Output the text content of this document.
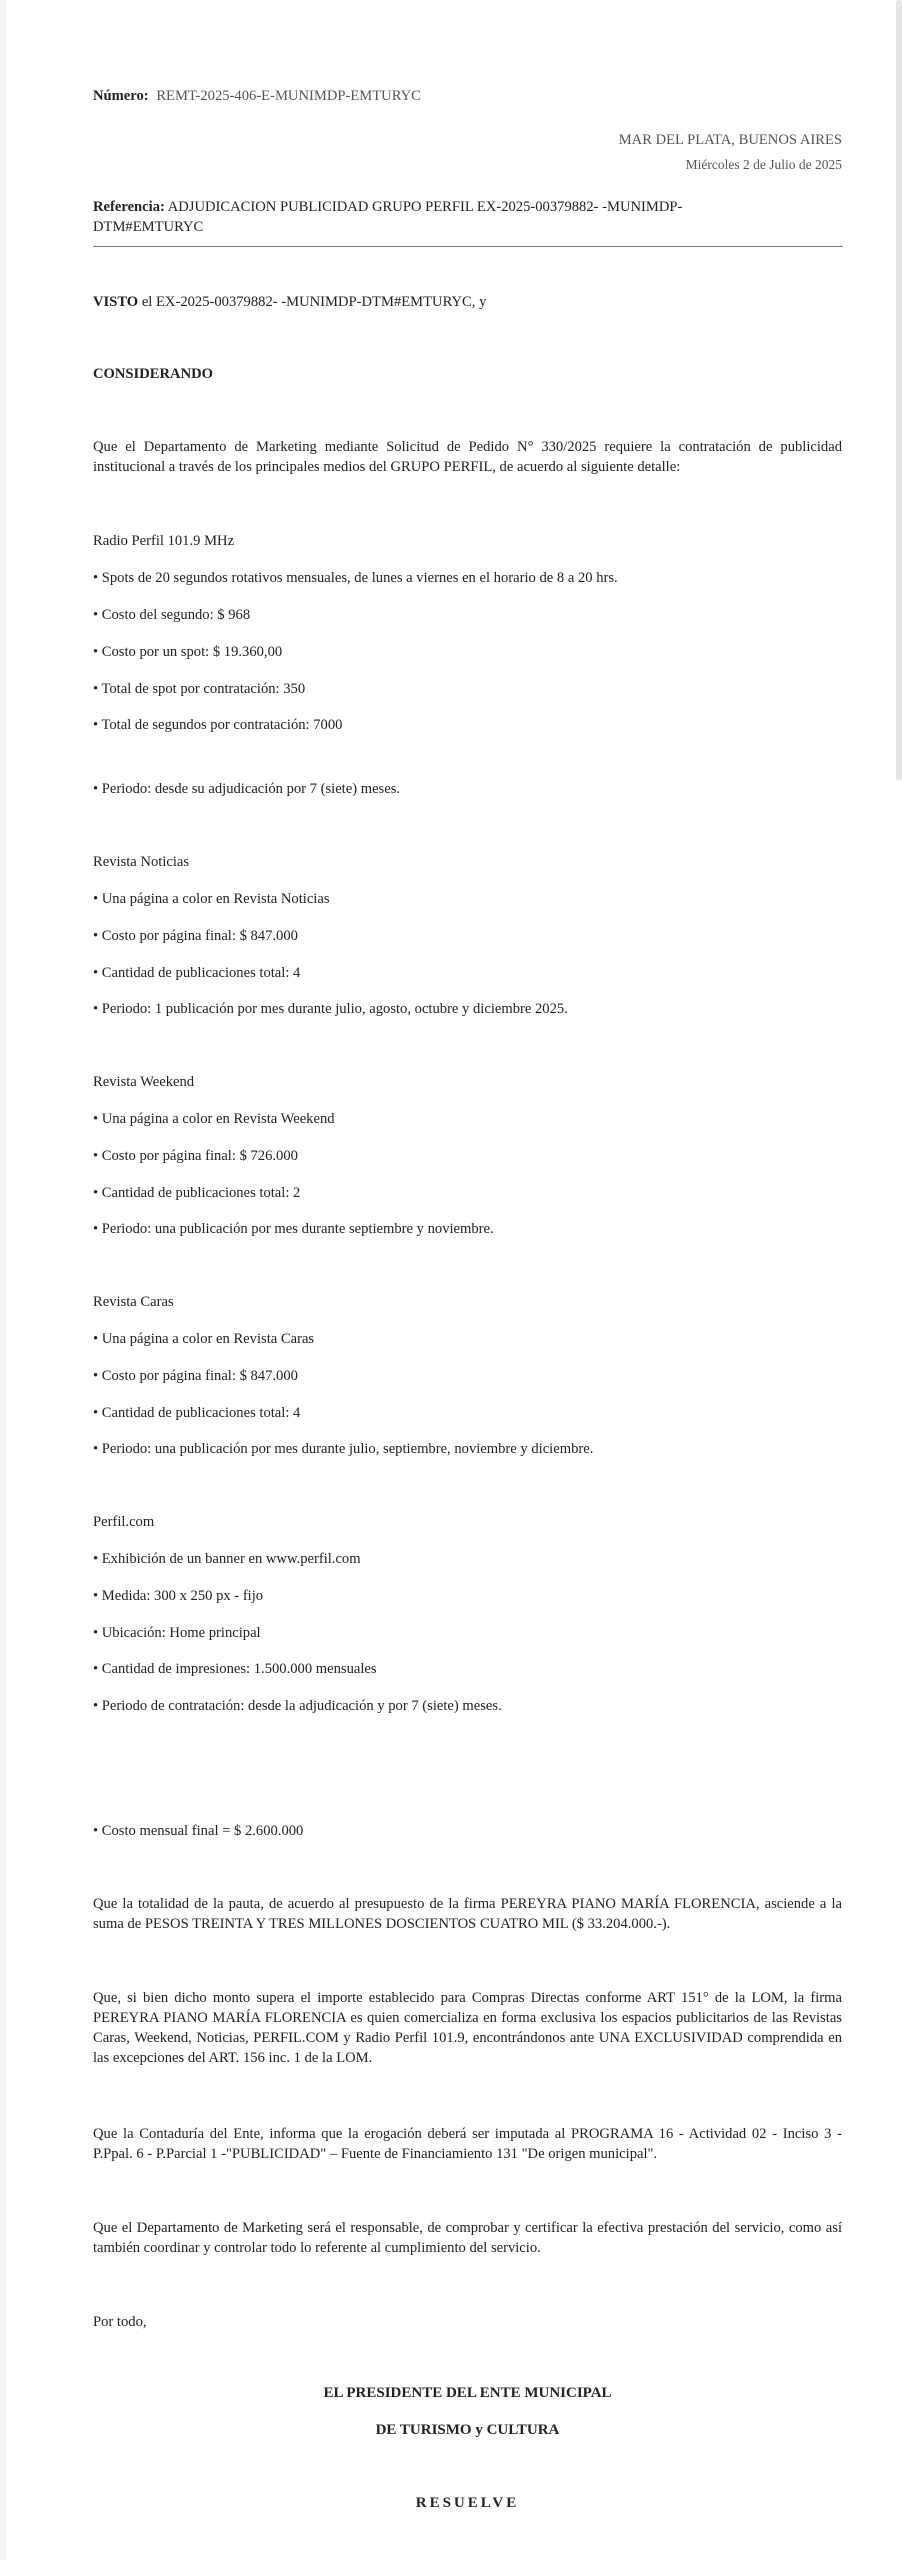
Número: REMT-2025-406-E-MUNIMDP-EMTURYC
MAR DEL PLATA, BUENOS AIRES
Miércoles 2 de Julio de 2025
Referencia: ADJUDICACION PUBLICIDAD GRUPO PERFIL EX-2025-00379882- -MUNIMDP-
DTM#EMTURYC
VISTO el EX-2025-00379882- -MUNIMDP-DTM#EMTURYC, y
CONSIDERANDO
Que el Departamento de Marketing mediante Solicitud de Pedido N° 330/2025 requiere la contratación de publicidad institucional a través de los principales medios del GRUPO PERFIL, de acuerdo al siguiente detalle:
Radio Perfil 101.9 MHz
• Spots de 20 segundos rotativos mensuales, de lunes a viernes en el horario de 8 a 20 hrs.
• Costo del segundo: $ 968
• Costo por un spot: $ 19.360,00
• Total de spot por contratación: 350
• Total de segundos por contratación: 7000
• Periodo: desde su adjudicación por 7 (siete) meses.
Revista Noticias
• Una página a color en Revista Noticias
• Costo por página final: $ 847.000
• Cantidad de publicaciones total: 4
• Periodo: 1 publicación por mes durante julio, agosto, octubre y diciembre 2025.
Revista Weekend
• Una página a color en Revista Weekend
• Costo por página final: $ 726.000
• Cantidad de publicaciones total: 2
• Periodo: una publicación por mes durante septiembre y noviembre.
Revista Caras
• Una página a color en Revista Caras
• Costo por página final: $ 847.000
• Cantidad de publicaciones total: 4
• Periodo: una publicación por mes durante julio, septiembre, noviembre y diciembre.
Perfil.com
• Exhibición de un banner en www.perfil.com
• Medida: 300 x 250 px - fijo
• Ubicación: Home principal
• Cantidad de impresiones: 1.500.000 mensuales
• Periodo de contratación: desde la adjudicación y por 7 (siete) meses.
• Costo mensual final = $ 2.600.000
Que la totalidad de la pauta, de acuerdo al presupuesto de la firma PEREYRA PIANO MARÍA FLORENCIA, asciende a la suma de PESOS TREINTA Y TRES MILLONES DOSCIENTOS CUATRO MIL ($ 33.204.000.-).
Que, si bien dicho monto supera el importe establecido para Compras Directas conforme ART 151° de la LOM, la firma PEREYRA PIANO MARÍA FLORENCIA es quien comercializa en forma exclusiva los espacios publicitarios de las Revistas Caras, Weekend, Noticias, PERFIL.COM y Radio Perfil 101.9, encontrándonos ante UNA EXCLUSIVIDAD comprendida en las excepciones del ART. 156 inc. 1 de la LOM.
Que la Contaduría del Ente, informa que la erogación deberá ser imputada al PROGRAMA 16 - Actividad 02 - Inciso 3 - P.Ppal. 6 - P.Parcial 1 -"PUBLICIDAD" – Fuente de Financiamiento 131 "De origen municipal".
Que el Departamento de Marketing será el responsable, de comprobar y certificar la efectiva prestación del servicio, como así también coordinar y controlar todo lo referente al cumplimiento del servicio.
Por todo,
EL PRESIDENTE DEL ENTE MUNICIPAL
DE TURISMO y CULTURA
RESUELVE
